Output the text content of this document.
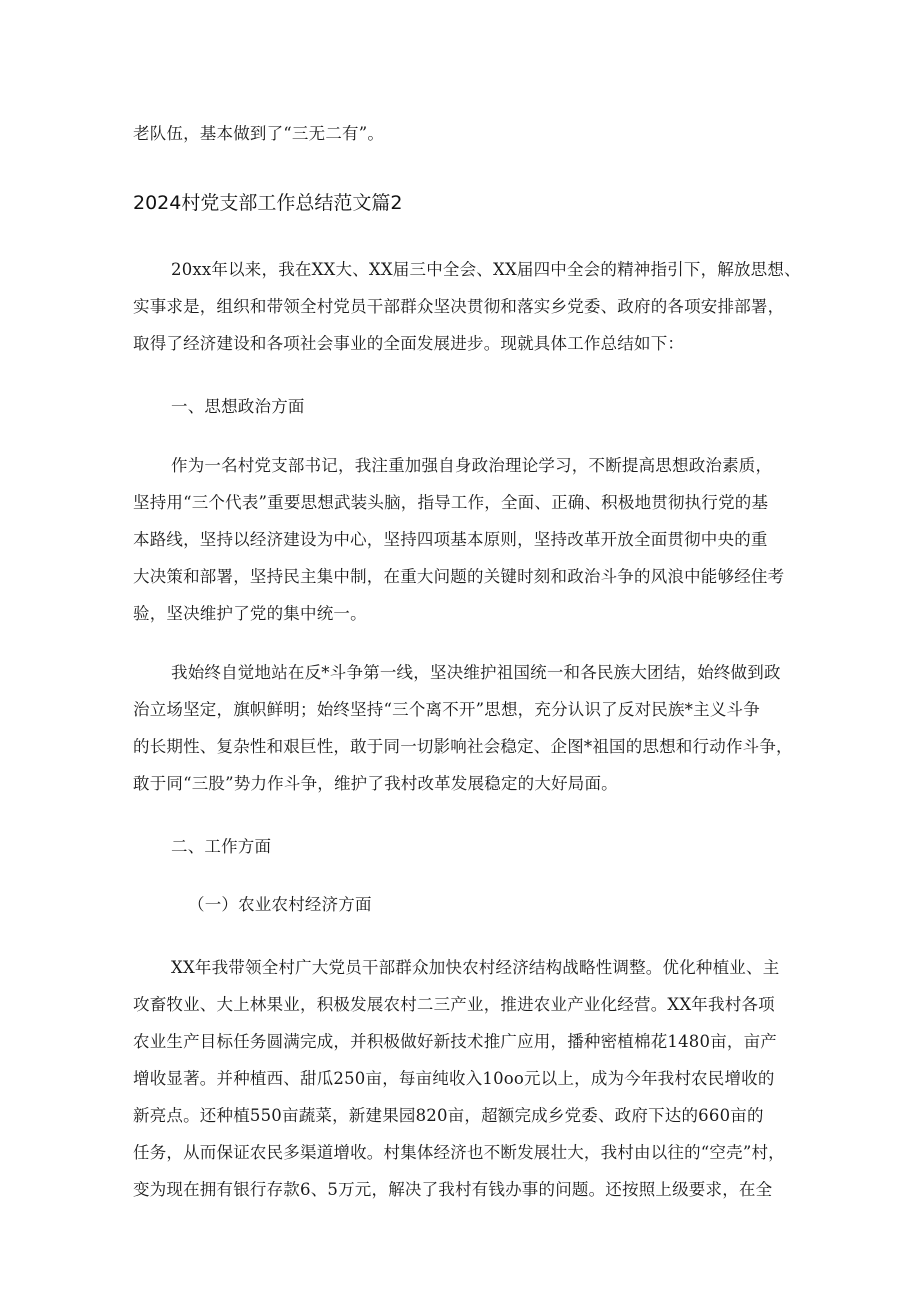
老队伍，基本做到了“三无二有”。
2024村党支部工作总结范文篇2
20xx年以来，我在XX大、XX届三中全会、XX届四中全会的精神指引下，解放思想、
实事求是，组织和带领全村党员干部群众坚决贯彻和落实乡党委、政府的各项安排部署，
取得了经济建设和各项社会事业的全面发展进步。现就具体工作总结如下：
一、思想政治方面
作为一名村党支部书记，我注重加强自身政治理论学习，不断提高思想政治素质，
坚持用“三个代表”重要思想武装头脑，指导工作，全面、正确、积极地贯彻执行党的基
本路线，坚持以经济建设为中心，坚持四项基本原则，坚持改革开放全面贯彻中央的重
大决策和部署，坚持民主集中制，在重大问题的关键时刻和政治斗争的风浪中能够经住考
验，坚决维护了党的集中统一。
我始终自觉地站在反*斗争第一线，坚决维护祖国统一和各民族大团结，始终做到政
治立场坚定，旗帜鲜明；始终坚持“三个离不开”思想，充分认识了反对民族*主义斗争
的长期性、复杂性和艰巨性，敢于同一切影响社会稳定、企图*祖国的思想和行动作斗争，
敢于同“三股”势力作斗争，维护了我村改革发展稳定的大好局面。
二、工作方面
（一）农业农村经济方面
XX年我带领全村广大党员干部群众加快农村经济结构战略性调整。优化种植业、主
攻畜牧业、大上林果业，积极发展农村二三产业，推进农业产业化经营。XX年我村各项
农业生产目标任务圆满完成，并积极做好新技术推广应用，播种密植棉花1480亩，亩产
增收显著。并种植西、甜瓜250亩，每亩纯收入10oo元以上，成为今年我村农民增收的
新亮点。还种植550亩蔬菜，新建果园820亩，超额完成乡党委、政府下达的660亩的
任务，从而保证农民多渠道增收。村集体经济也不断发展壮大，我村由以往的“空壳”村，
变为现在拥有银行存款6、5万元，解决了我村有钱办事的问题。还按照上级要求，在全
